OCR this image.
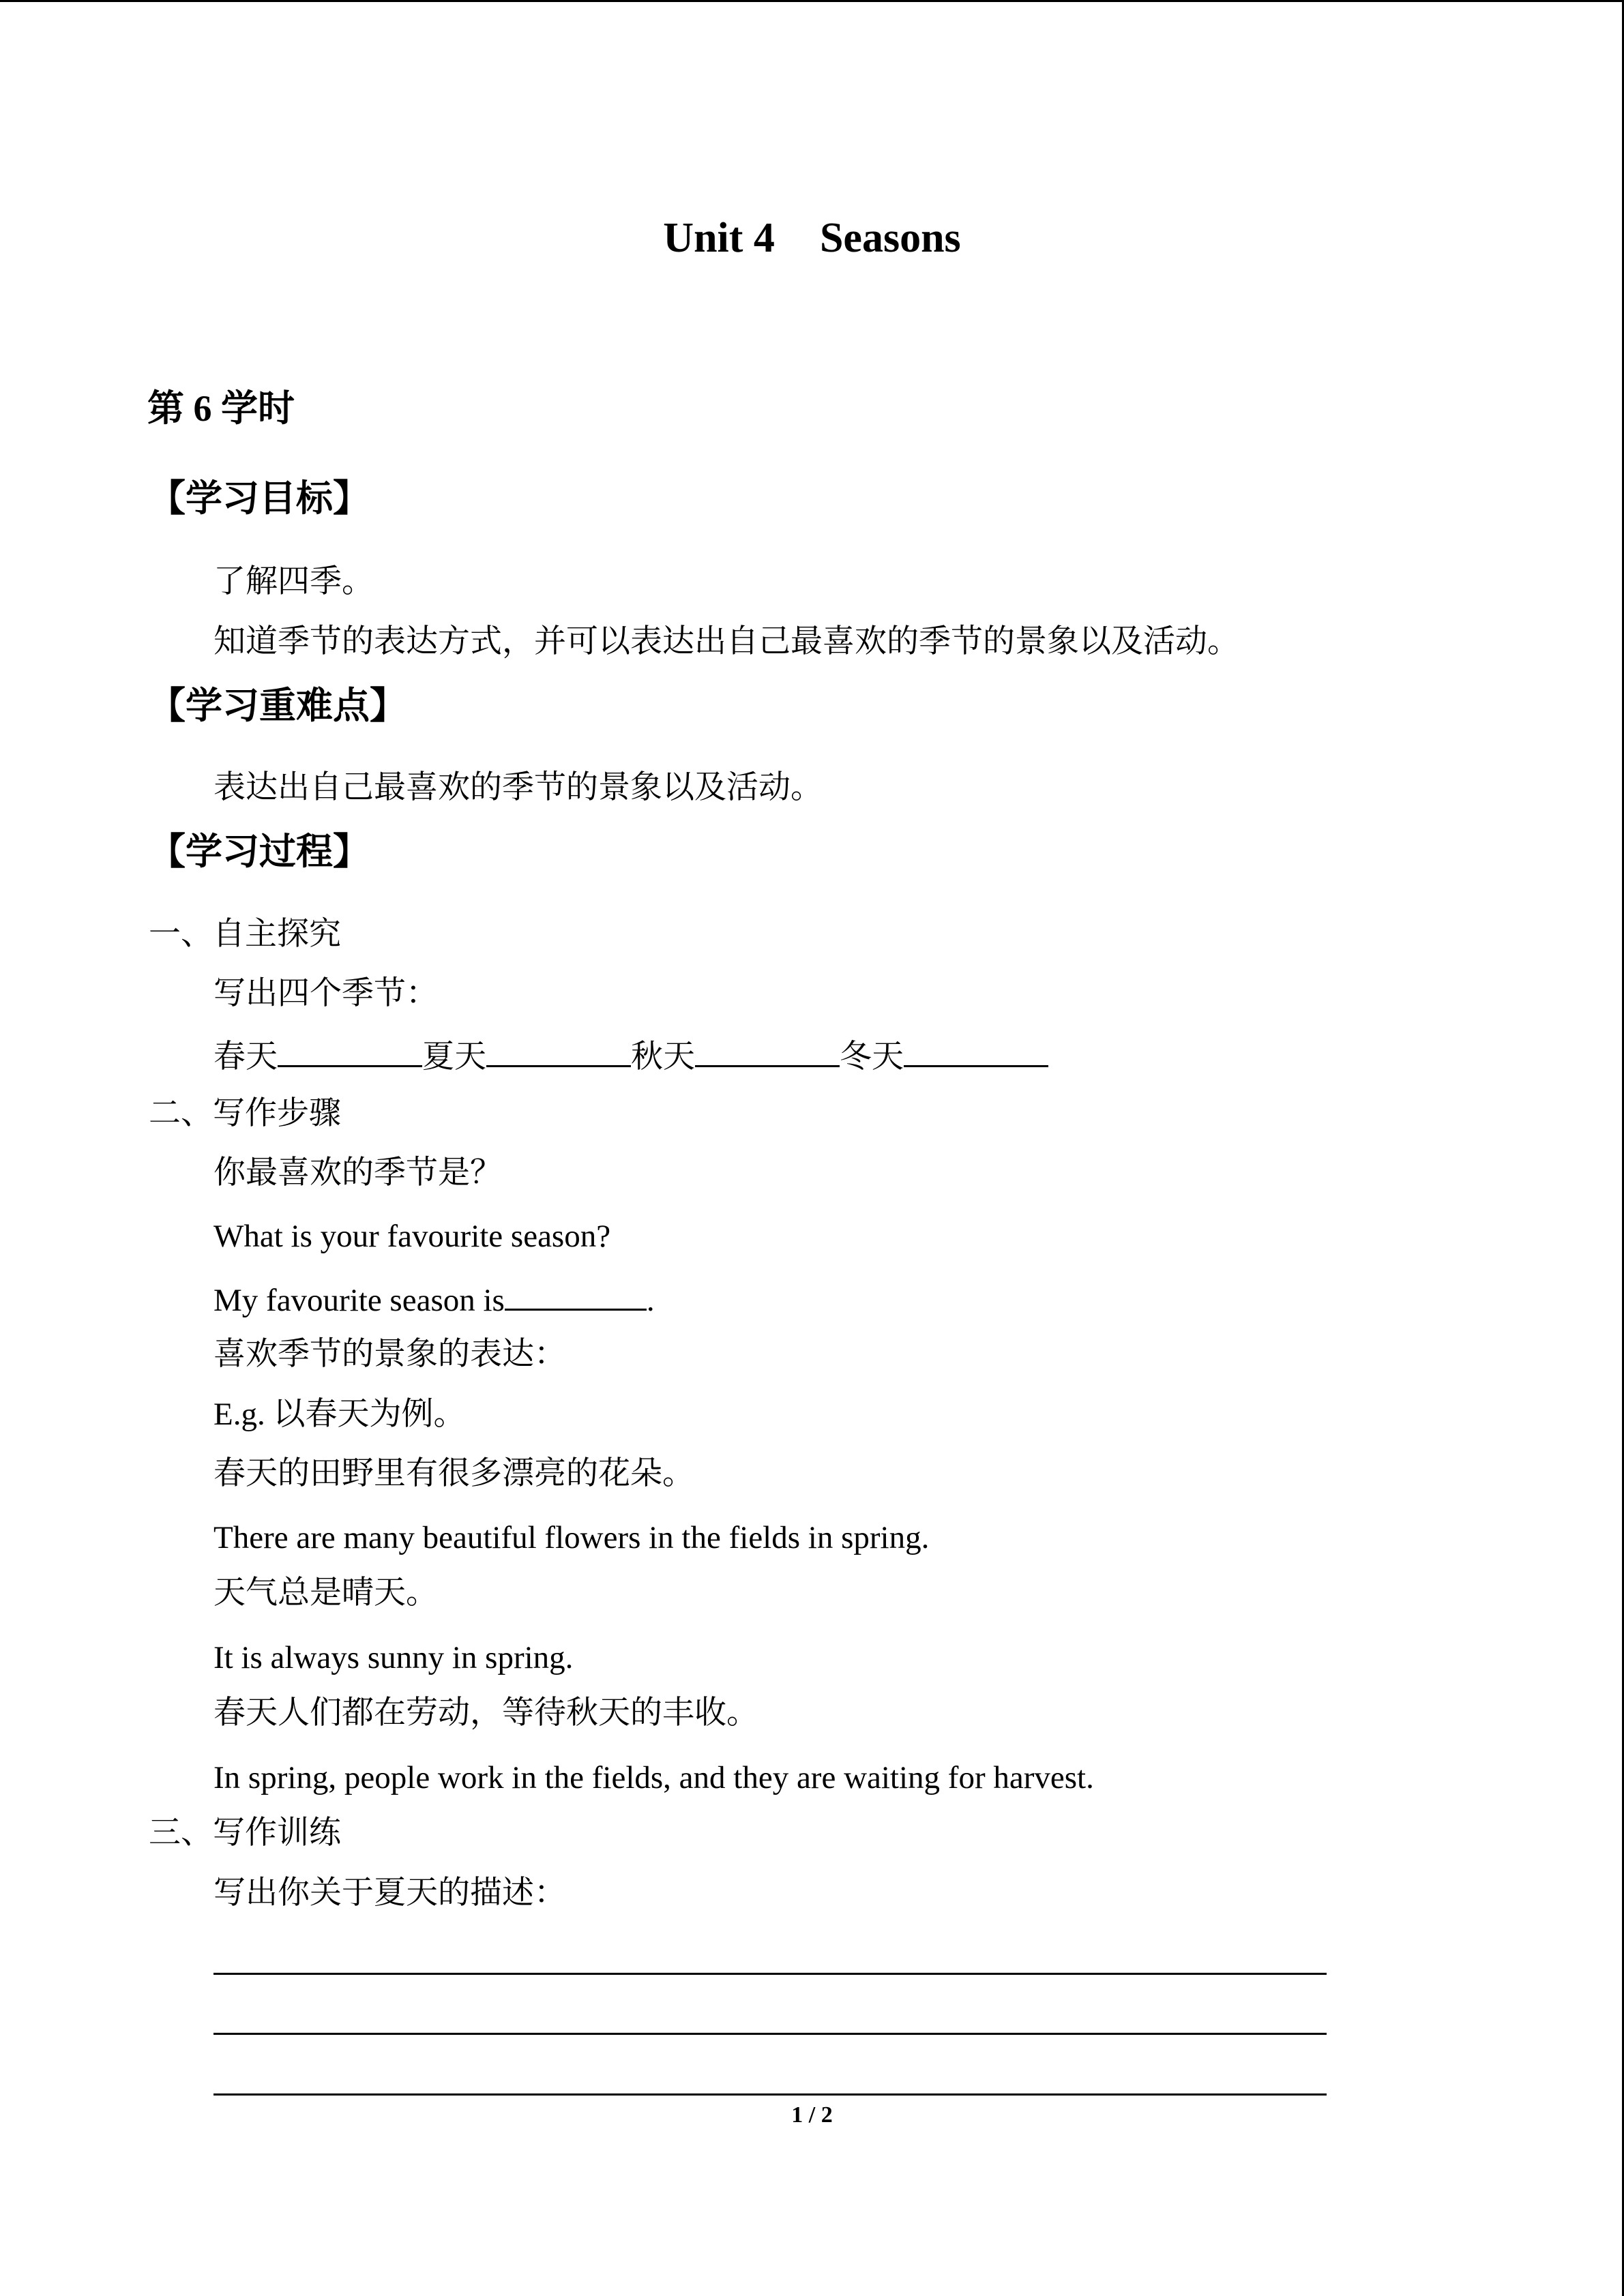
Unit 4 Seasons
第 6 学时
【学习目标】
了解四季。
知道季节的表达方式，并可以表达出自己最喜欢的季节的景象以及活动。
【学习重难点】
表达出自己最喜欢的季节的景象以及活动。
【学习过程】
一、自主探究
写出四个季节：
春天	夏天	秋天	冬天
二、写作步骤
你最喜欢的季节是？
What is your favourite season?
My favourite season is	.
喜欢季节的景象的表达：
E.g. 以春天为例。
春天的田野里有很多漂亮的花朵。
There are many beautiful flowers in the fields in spring.
天气总是晴天。
It is always sunny in spring.
春天人们都在劳动，等待秋天的丰收。
In spring, people work in the fields, and they are waiting for harvest.
三、写作训练
写出你关于夏天的描述：
1 / 2
